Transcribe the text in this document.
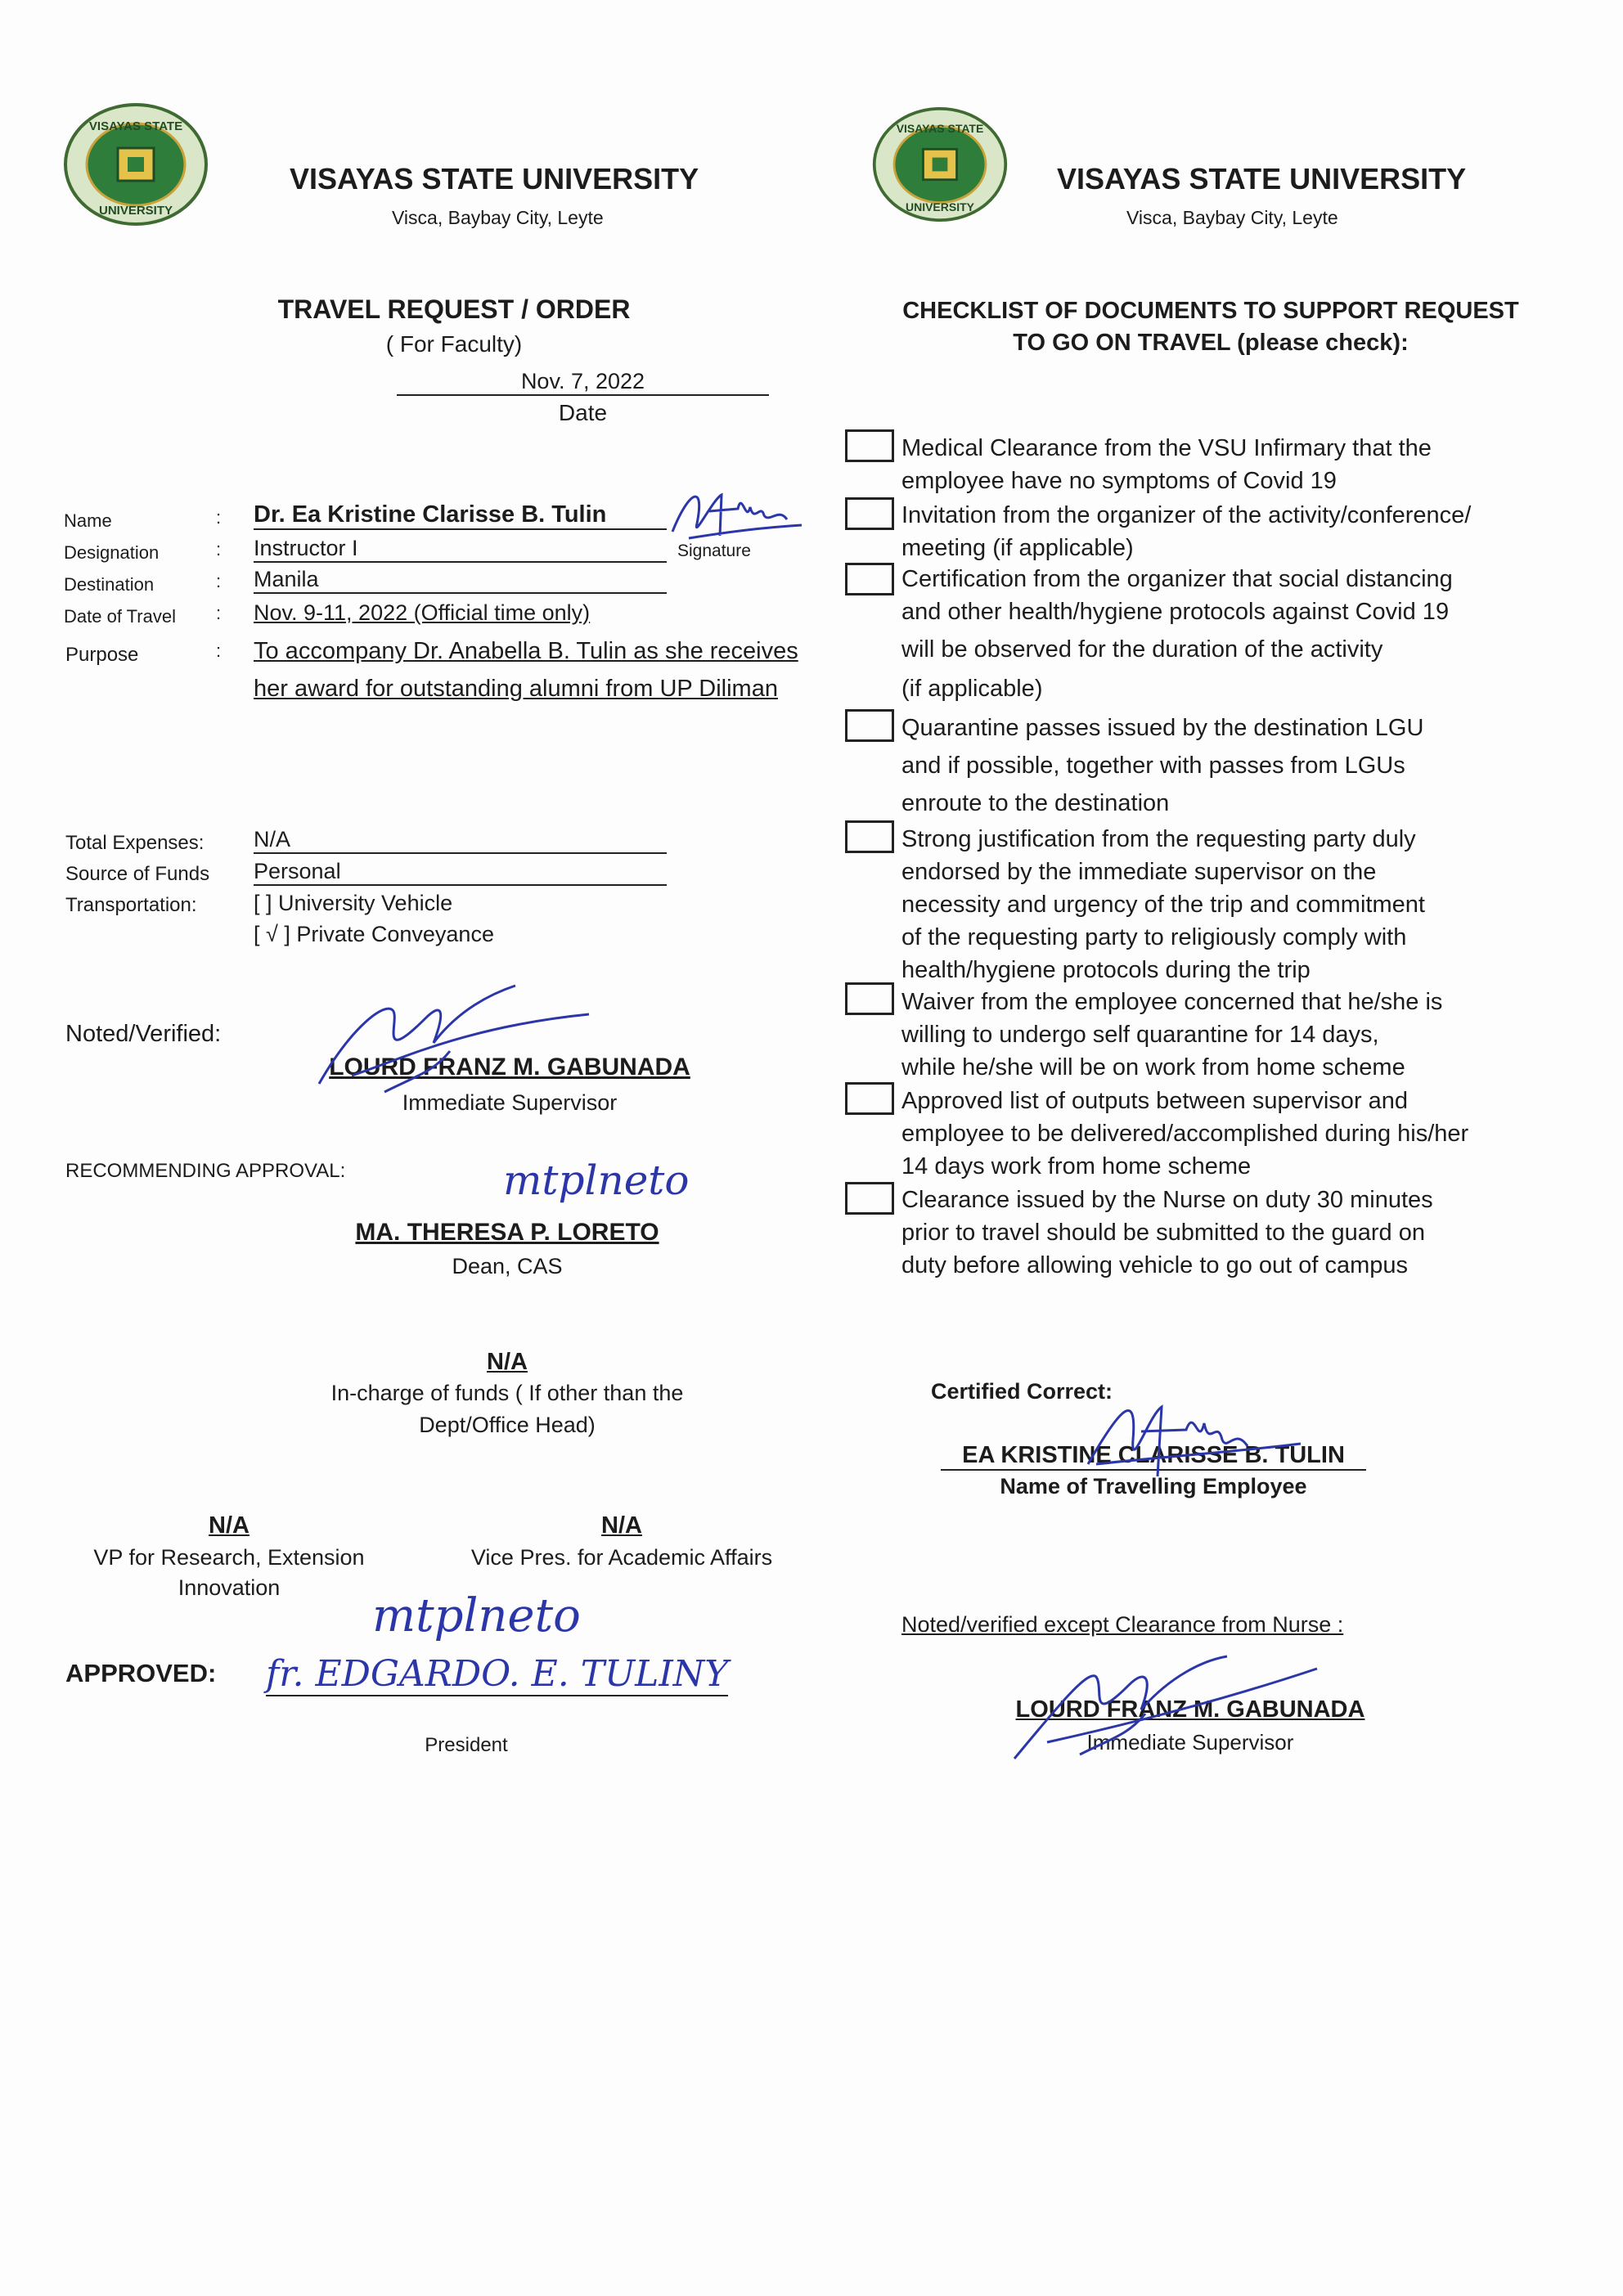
VISAYAS STATE
UNIVERSITY
VISAYAS STATE UNIVERSITY
Visca, Baybay City, Leyte
VISAYAS STATE
UNIVERSITY
VISAYAS STATE UNIVERSITY
Visca, Baybay City, Leyte
TRAVEL REQUEST / ORDER
( For Faculty)
Nov. 7, 2022
Date
Name	: Dr. Ea Kristine Clarisse B. Tulin
Signature
Designation	: Instructor I
Destination	: Manila
Date of Travel : Nov. 9-11, 2022 (Official time only)
Purpose	: To accompany Dr. Anabella B. Tulin as she receives
her award for outstanding alumni from UP Diliman
Total Expenses: N/A
Source of Funds Personal
Transportation:	[ ] University Vehicle
[ √ ] Private Conveyance
Noted/Verified:
LOURD FRANZ M. GABUNADA
Immediate Supervisor
RECOMMENDING APPROVAL:	mtplneto
MA. THERESA P. LORETO
Dean, CAS
N/A
In-charge of funds ( If other than the
Dept/Office Head)
N/A
VP for Research, Extension
Innovation
N/A
Vice Pres. for Academic Affairs
mtplneto
APPROVED: fr. EDGARDO. E. TULINY
President
CHECKLIST OF DOCUMENTS TO SUPPORT REQUEST
TO GO ON TRAVEL (please check):
Medical Clearance from the VSU Infirmary that the
employee have no symptoms of Covid 19
Invitation from the organizer of the activity/conference/
meeting (if applicable)
Certification from the organizer that social distancing
and other health/hygiene protocols against Covid 19
will be observed for the duration of the activity
(if applicable)
Quarantine passes issued by the destination LGU
and if possible, together with passes from LGUs
enroute to the destination
Strong justification from the requesting party duly
endorsed by the immediate supervisor on the
necessity and urgency of the trip and commitment
of the requesting party to religiously comply with
health/hygiene protocols during the trip
Waiver from the employee concerned that he/she is
willing to undergo self quarantine for 14 days,
while he/she will be on work from home scheme
Approved list of outputs between supervisor and
employee to be delivered/accomplished during his/her
14 days work from home scheme
Clearance issued by the Nurse on duty 30 minutes
prior to travel should be submitted to the guard on
duty before allowing vehicle to go out of campus
Certified Correct:
EA KRISTINE CLARISSE B. TULIN
Name of Travelling Employee
Noted/verified except Clearance from Nurse :
LOURD FRANZ M. GABUNADA
Immediate Supervisor
